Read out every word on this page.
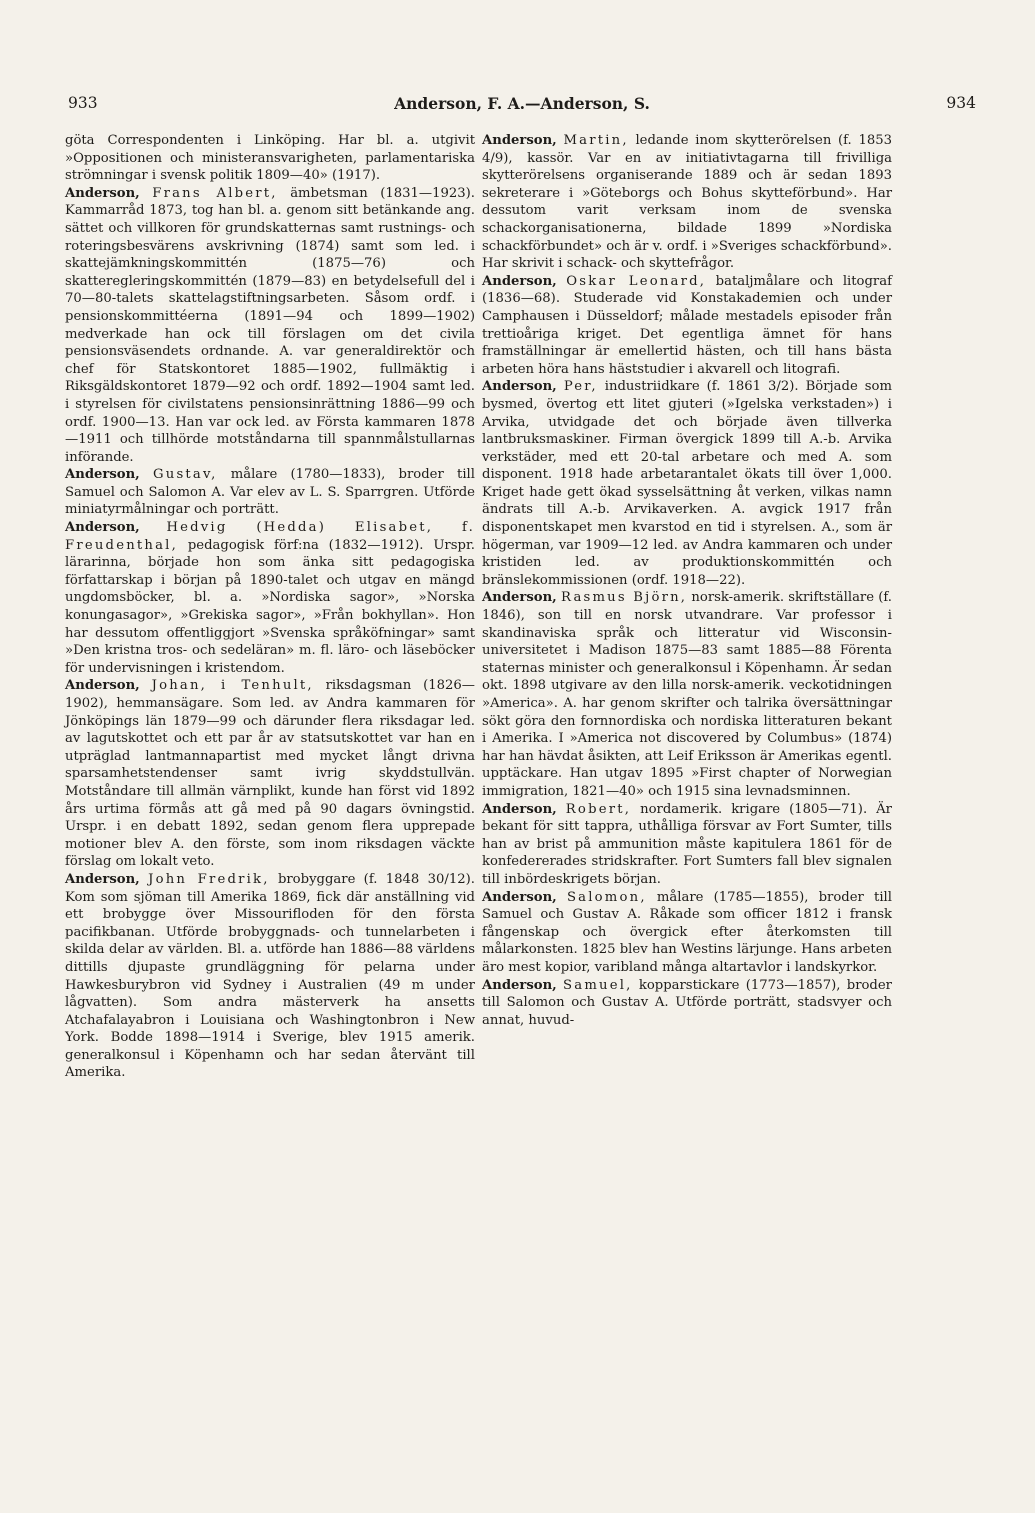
933	Anderson, F. A.—Anderson, S.	934

göta Correspondenten i Linköping. Har bl. a. utgivit »Oppositionen och ministeransvarigheten, parlamentariska strömningar i svensk politik 1809—40» (1917).

Anderson, Frans Albert, ämbetsman (1831—1923). Kammarråd 1873, tog han bl. a. genom sitt betänkande ang. sättet och villkoren för grundskatternas samt rustnings- och roteringsbesvärens avskrivning (1874) samt som led. i skattejämkningskommittén (1875—76) och skatteregleringskommittén (1879—83) en betydelsefull del i 70—80-talets skattelagstiftningsarbeten. Såsom ordf. i pensionskommittéerna (1891—94 och 1899—1902) medverkade han ock till förslagen om det civila pensionsväsendets ordnande. A. var generaldirektör och chef för Statskontoret 1885—1902, fullmäktig i Riksgäldskontoret 1879—92 och ordf. 1892—1904 samt led. i styrelsen för civilstatens pensionsinrättning 1886—99 och ordf. 1900—13. Han var ock led. av Första kammaren 1878—1911 och tillhörde motståndarna till spannmålstullarnas införande.

Anderson, Gustav, målare (1780—1833), broder till Samuel och Salomon A. Var elev av L. S. Sparrgren. Utförde miniatyrmålningar och porträtt.

Anderson, Hedvig (Hedda) Elisabet, f. Freudenthal, pedagogisk förf:na (1832—1912). Urspr. lärarinna, började hon som änka sitt pedagogiska författarskap i början på 1890-talet och utgav en mängd ungdomsböcker, bl. a. »Nordiska sagor», »Norska konungasagor», »Grekiska sagor», »Från bokhyllan». Hon har dessutom offentliggjort »Svenska språköfningar» samt »Den kristna tros- och sedeläran» m. fl. läro- och läseböcker för undervisningen i kristendom.

Anderson, Johan, i Tenhult, riksdagsman (1826—1902), hemmansägare. Som led. av Andra kammaren för Jönköpings län 1879—99 och därunder flera riksdagar led. av lagutskottet och ett par år av statsutskottet var han en utpräglad lantmannapartist med mycket långt drivna sparsamhetstendenser samt ivrig skyddstullvän. Motståndare till allmän värnplikt, kunde han först vid 1892 års urtima förmås att gå med på 90 dagars övningstid. Urspr. i en debatt 1892, sedan genom flera upprepade motioner blev A. den förste, som inom riksdagen väckte förslag om lokalt veto.

Anderson, John Fredrik, brobyggare (f. 1848 30/12). Kom som sjöman till Amerika 1869, fick där anställning vid ett brobygge över Missourifloden för den första pacifikbanan. Utförde brobyggnads- och tunnelarbeten i skilda delar av världen. Bl. a. utförde han 1886—88 världens dittills djupaste grundläggning för pelarna under Hawkesburybron vid Sydney i Australien (49 m under lågvatten). Som andra mästerverk ha ansetts Atchafalayabron i Louisiana och Washingtonbron i New York. Bodde 1898—1914 i Sverige, blev 1915 amerik. generalkonsul i Köpenhamn och har sedan återvänt till Amerika.

Anderson, Martin, ledande inom skytterörelsen (f. 1853 4/9), kassör. Var en av initiativtagarna till frivilliga skytterörelsens organiserande 1889 och är sedan 1893 sekreterare i »Göteborgs och Bohus skytteförbund». Har dessutom varit verksam inom de svenska schackorganisationerna, bildade 1899 »Nordiska schackförbundet» och är v. ordf. i »Sveriges schackförbund». Har skrivit i schack- och skyttefrågor.

Anderson, Oskar Leonard, bataljmålare och litograf (1836—68). Studerade vid Konstakademien och under Camphausen i Düsseldorf; målade mestadels episoder från trettioåriga kriget. Det egentliga ämnet för hans framställningar är emellertid hästen, och till hans bästa arbeten höra hans häststudier i akvarell och litografi.

Anderson, Per, industriidkare (f. 1861 3/2). Började som bysmed, övertog ett litet gjuteri (»Igelska verkstaden») i Arvika, utvidgade det och började även tillverka lantbruksmaskiner. Firman övergick 1899 till A.-b. Arvika verkstäder, med ett 20-tal arbetare och med A. som disponent. 1918 hade arbetarantalet ökats till över 1,000. Kriget hade gett ökad sysselsättning åt verken, vilkas namn ändrats till A.-b. Arvikaverken. A. avgick 1917 från disponentskapet men kvarstod en tid i styrelsen. A., som är högerman, var 1909—12 led. av Andra kammaren och under kristiden led. av produktionskommittén och bränslekommissionen (ordf. 1918—22).

Anderson, Rasmus Björn, norsk-amerik. skriftställare (f. 1846), son till en norsk utvandrare. Var professor i skandinaviska språk och litteratur vid Wisconsin-universitetet i Madison 1875—83 samt 1885—88 Förenta staternas minister och generalkonsul i Köpenhamn. Är sedan okt. 1898 utgivare av den lilla norsk-amerik. veckotidningen »America». A. har genom skrifter och talrika översättningar sökt göra den fornnordiska och nordiska litteraturen bekant i Amerika. I »America not discovered by Columbus» (1874) har han hävdat åsikten, att Leif Eriksson är Amerikas egentl. upptäckare. Han utgav 1895 »First chapter of Norwegian immigration, 1821—40» och 1915 sina levnadsminnen.

Anderson, Robert, nordamerik. krigare (1805—71). Är bekant för sitt tappra, uthålliga försvar av Fort Sumter, tills han av brist på ammunition måste kapitulera 1861 för de konfedererades stridskrafter. Fort Sumters fall blev signalen till inbördeskrigets början.

Anderson, Salomon, målare (1785—1855), broder till Samuel och Gustav A. Råkade som officer 1812 i fransk fångenskap och övergick efter återkomsten till målarkonsten. 1825 blev han Westins lärjunge. Hans arbeten äro mest kopior, varibland många altartavlor i landskyrkor.

Anderson, Samuel, kopparstickare (1773—1857), broder till Salomon och Gustav A. Utförde porträtt, stadsvyer och annat, huvud-
